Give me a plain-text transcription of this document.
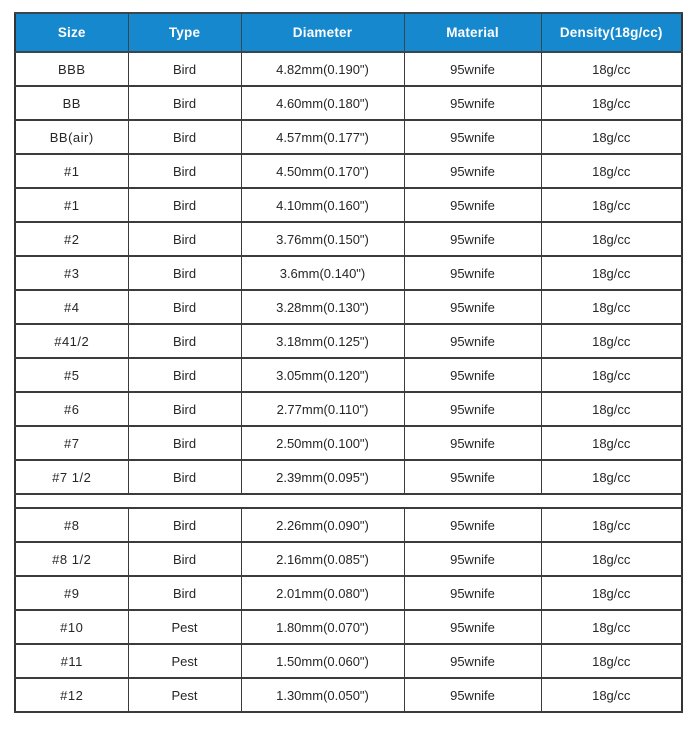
Size	Type	Diameter	Material	Density(18g/cc)
BBB	Bird	4.82mm(0.190")	95wnife	18g/cc
BB	Bird	4.60mm(0.180")	95wnife	18g/cc
BB(air)	Bird	4.57mm(0.177")	95wnife	18g/cc
#1	Bird	4.50mm(0.170")	95wnife	18g/cc
#1	Bird	4.10mm(0.160")	95wnife	18g/cc
#2	Bird	3.76mm(0.150")	95wnife	18g/cc
#3	Bird	3.6mm(0.140")	95wnife	18g/cc
#4	Bird	3.28mm(0.130")	95wnife	18g/cc
#41/2	Bird	3.18mm(0.125")	95wnife	18g/cc
#5	Bird	3.05mm(0.120")	95wnife	18g/cc
#6	Bird	2.77mm(0.110")	95wnife	18g/cc
#7	Bird	2.50mm(0.100")	95wnife	18g/cc
#7 1/2	Bird	2.39mm(0.095")	95wnife	18g/cc

#8	Bird	2.26mm(0.090")	95wnife	18g/cc
#8 1/2	Bird	2.16mm(0.085")	95wnife	18g/cc
#9	Bird	2.01mm(0.080")	95wnife	18g/cc
#10	Pest	1.80mm(0.070")	95wnife	18g/cc
#11	Pest	1.50mm(0.060")	95wnife	18g/cc
#12	Pest	1.30mm(0.050")	95wnife	18g/cc
